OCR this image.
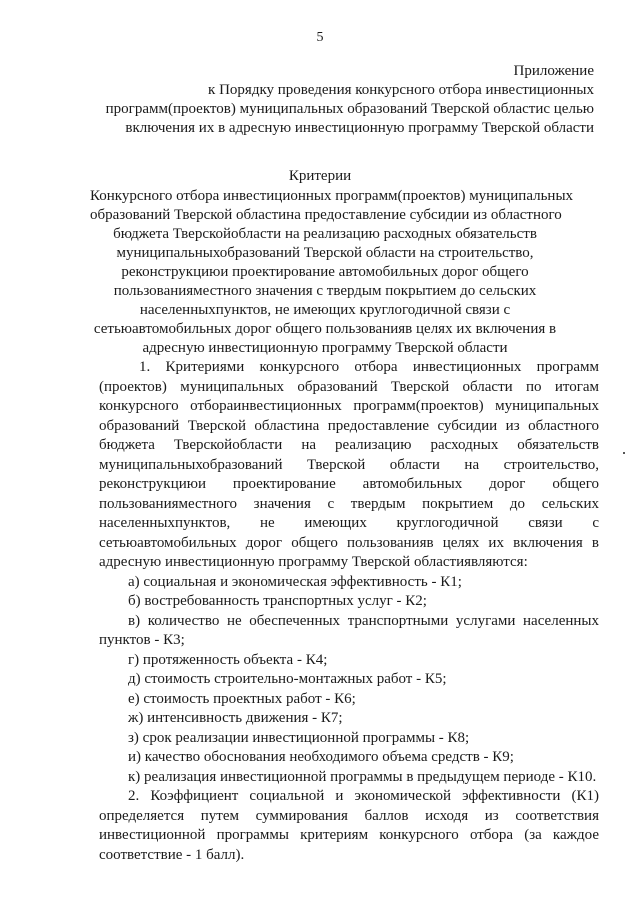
5
Приложение
к Порядку проведения конкурсного отбора инвестиционных
программ(проектов) муниципальных образований Тверской областис целью
включения их в адресную инвестиционную программу Тверской области
Критерии
Конкурсного отбора инвестиционных программ(проектов) муниципальных
образований Тверской областина предоставление субсидии из областного
бюджета Тверскойобласти на реализацию расходных обязательств
муниципальныхобразований Тверской области на строительство,
реконструкциюи проектирование автомобильных дорог общего
пользованияместного значения с твердым покрытием до сельских
населенныхпунктов, не имеющих круглогодичной связи с
сетьюавтомобильных дорог общего пользованияв целях их включения в
адресную инвестиционную программу Тверской области
1. Критериями конкурсного отбора инвестиционных программ
(проектов) муниципальных образований Тверской области по итогам
конкурсного отбораинвестиционных программ(проектов) муниципальных
образований Тверской областина предоставление субсидии из областного
бюджета Тверскойобласти на реализацию расходных обязательств
муниципальныхобразований Тверской области на строительство,
реконструкциюи проектирование автомобильных дорог общего
пользованияместного значения с твердым покрытием до сельских
населенныхпунктов, не имеющих круглогодичной связи с
сетьюавтомобильных дорог общего пользованияв целях их включения в
адресную инвестиционную программу Тверской областиявляются:
а) социальная и экономическая эффективность - К1;
б) востребованность транспортных услуг - К2;
в) количество не обеспеченных транспортными услугами населенных
пунктов - К3;
г) протяженность объекта - К4;
д) стоимость строительно-монтажных работ - К5;
е) стоимость проектных работ - К6;
ж) интенсивность движения - К7;
з) срок реализации инвестиционной программы - К8;
и) качество обоснования необходимого объема средств - К9;
к) реализация инвестиционной программы в предыдущем периоде - К10.
2. Коэффициент социальной и экономической эффективности (К1)
определяется путем суммирования баллов исходя из соответствия
инвестиционной программы критериям конкурсного отбора (за каждое
соответствие - 1 балл).
